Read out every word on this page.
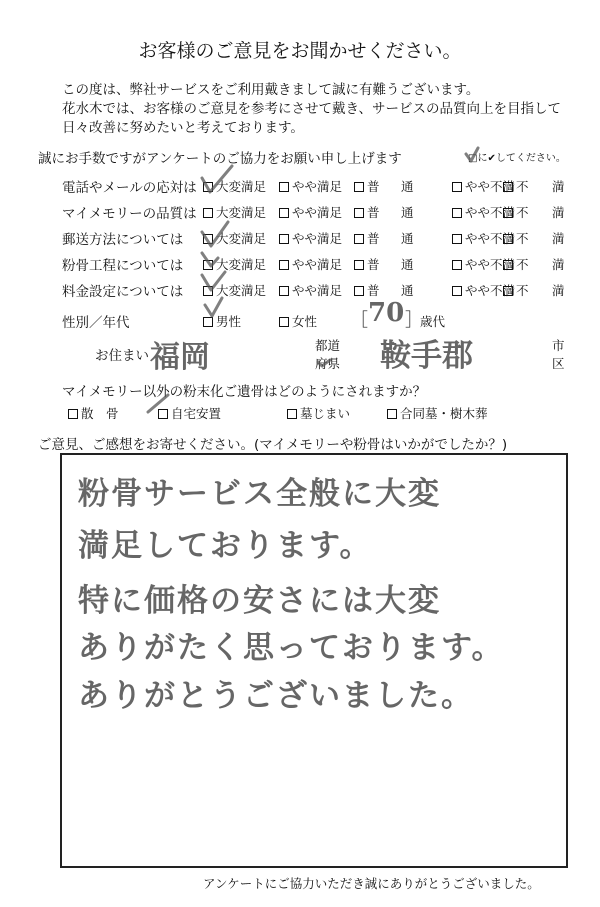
お客様のご意見をお聞かせください。
この度は、弊社サービスをご利用戴きまして誠に有難うございます。
花水木では、お客様のご意見を参考にさせて戴き、サービスの品質向上を目指して
日々改善に努めたいと考えております。
誠にお手数ですがアンケートのご協力をお願い申し上げます	□に✔してください。
電話やメールの応対は	大変満足	やや満足	普 通	やや不満 不 満
マイメモリーの品質は	大変満足	やや満足	普 通	やや不満 不 満
郵送方法については	大変満足	やや満足	普 通	やや不満 不 満
粉骨工程については	大変満足	やや満足	普 通	やや不満 不 満
料金設定については	大変満足	やや満足	普 通	やや不満 不 満
性別／年代	男性	女性 ［ 70 ］
歳代
お住まい 福岡	都道
府県 鞍手郡	市
区
マイメモリー以外の粉末化ご遺骨はどのようにされますか？
散　骨	自宅安置	墓じまい	合同墓・樹木葬
ご意見、ご感想をお寄せください。(マイメモリーや粉骨はいかがでしたか？)
粉骨サービス全般に大変
満足しております。
特に価格の安さには大変
ありがたく思っております。
ありがとうございました。
アンケートにご協力いただき誠にありがとうございました。
